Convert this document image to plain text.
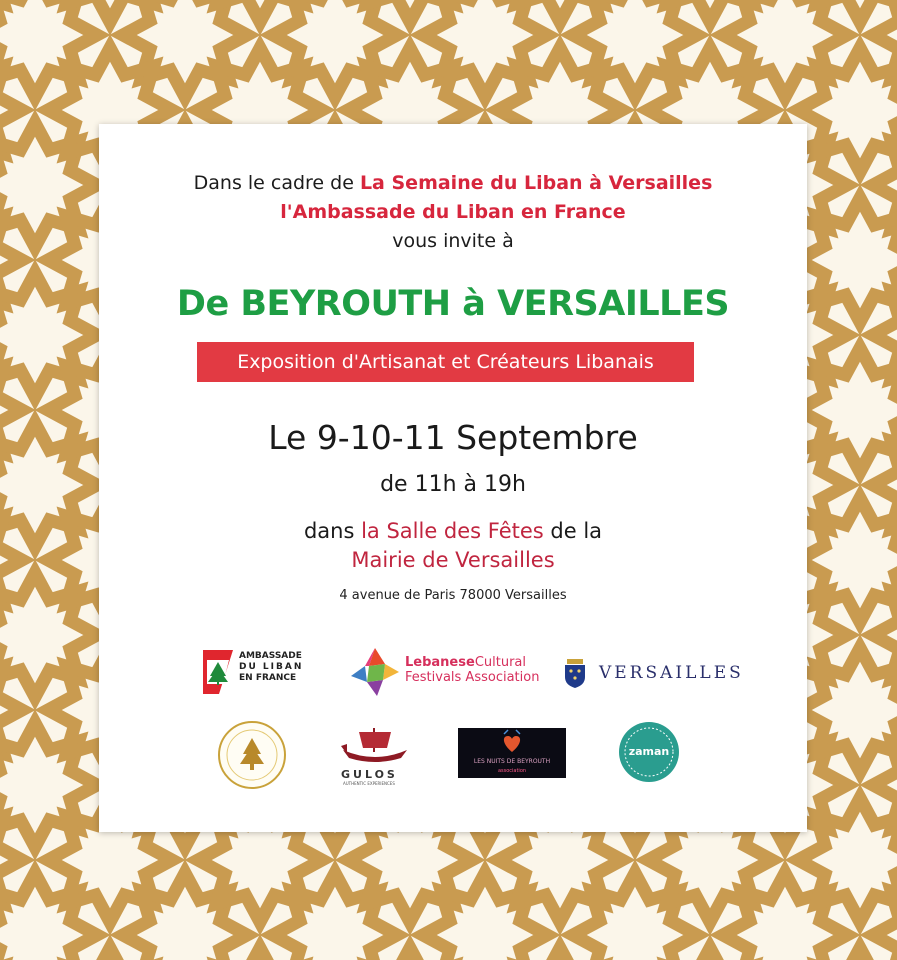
Dans le cadre de La Semaine du Liban à Versailles
l'Ambassade du Liban en France
vous invite à
De BEYROUTH à VERSAILLES
Exposition d'Artisanat et Créateurs Libanais
Le 9-10-11 Septembre
de 11h à 19h
dans la Salle des Fêtes de la
Mairie de Versailles
4 avenue de Paris 78000 Versailles
AMBASSADE
DU LIBAN
EN FRANCE
LebaneseCultural
Festivals Association	VERSAILLES
GULOS
AUTHENTIC EXPERIENCES
LES NUITS DE BEYROUTH
association
zaman
